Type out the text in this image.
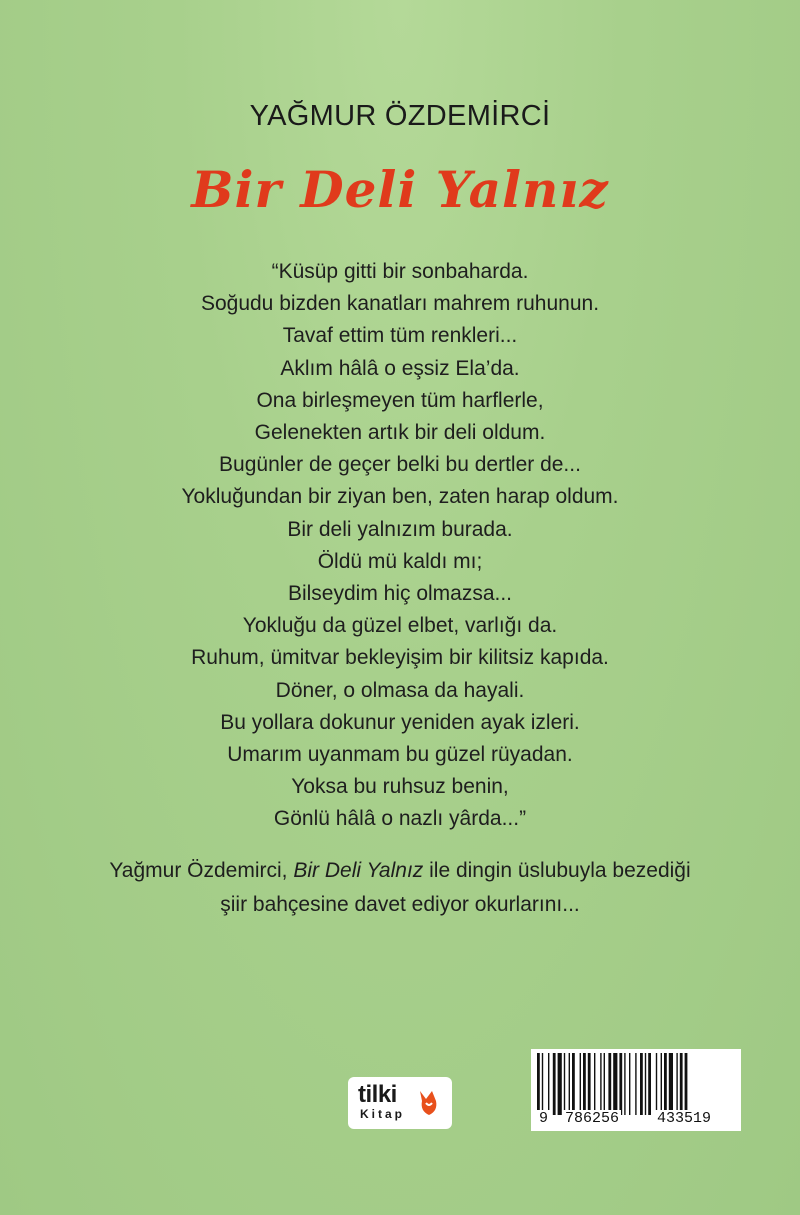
YAĞMUR ÖZDEMİRCİ
Bir Deli Yalnız
“Küsüp gitti bir sonbaharda.
Soğudu bizden kanatları mahrem ruhunun.
Tavaf ettim tüm renkleri...
Aklım hâlâ o eşsiz Ela’da.
Ona birleşmeyen tüm harflerle,
Gelenekten artık bir deli oldum.
Bugünler de geçer belki bu dertler de...
Yokluğundan bir ziyan ben, zaten harap oldum.
Bir deli yalnızım burada.
Öldü mü kaldı mı;
Bilseydim hiç olmazsa...
Yokluğu da güzel elbet, varlığı da.
Ruhum, ümitvar bekleyişim bir kilitsiz kapıda.
Döner, o olmasa da hayali.
Bu yollara dokunur yeniden ayak izleri.
Umarım uyanmam bu güzel rüyadan.
Yoksa bu ruhsuz benin,
Gönlü hâlâ o nazlı yârda...”
Yağmur Özdemirci, Bir Deli Yalnız ile dingin üslubuyla bezediği
şiir bahçesine davet ediyor okurlarını...
tilki
Kitap	9 786256	433519
